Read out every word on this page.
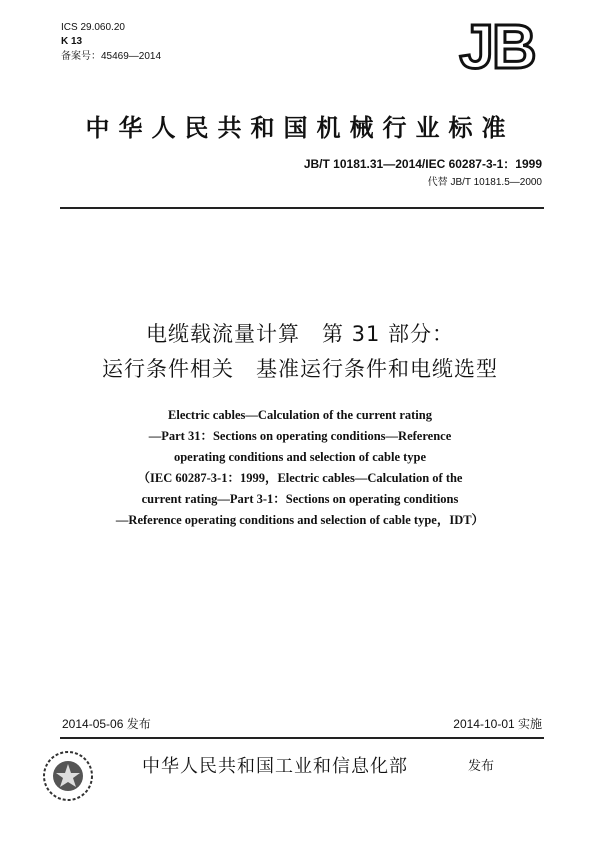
ICS 29.060.20
K 13
备案号：45469—2014	JB
中华人民共和国机械行业标准
JB/T 10181.31—2014/IEC 60287-3-1：1999
代替 JB/T 10181.5—2000
电缆载流量计算　第 31 部分：
运行条件相关　基准运行条件和电缆选型
Electric cables—Calculation of the current rating
—Part 31：Sections on operating conditions—Reference
operating conditions and selection of cable type
（IEC 60287-3-1：1999，Electric cables—Calculation of the
current rating—Part 3-1：Sections on operating conditions
—Reference operating conditions and selection of cable type，IDT）
2014-05-06 发布	2014-10-01 实施
中华人民共和国工业和信息化部	发布
